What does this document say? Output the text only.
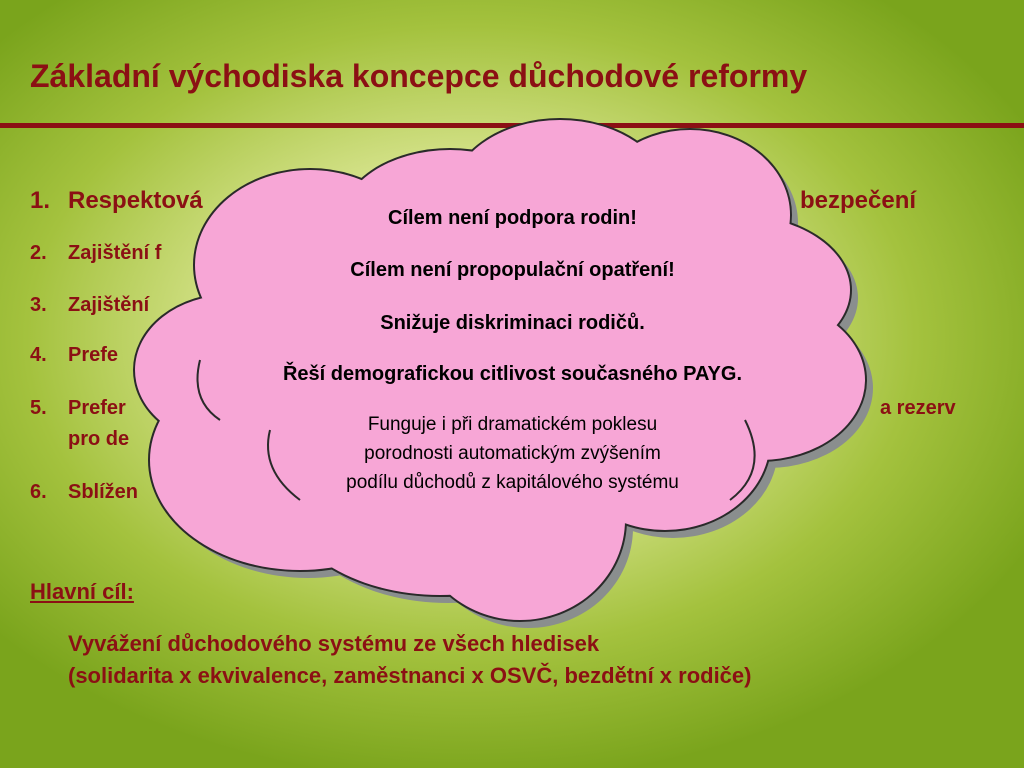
Základní východiska koncepce důchodové reformy

1. Respektová	bezpečení

2. Zajištění f

3. Zajištění

4. Prefe

5. Prefer	a rezerv
pro de

6. Sblížen

Hlavní cíl:
Vyvážení důchodového systému ze všech hledisek
(solidarita x ekvivalence, zaměstnanci x OSVČ, bezdětní x rodiče)
Cílem není podpora rodin!
Cílem není propopulační opatření!
Snižuje diskriminaci rodičů.
Řeší demografickou citlivost současného PAYG.
Funguje i při dramatickém poklesu
porodnosti automatickým zvýšením
podílu důchodů z kapitálového systému
